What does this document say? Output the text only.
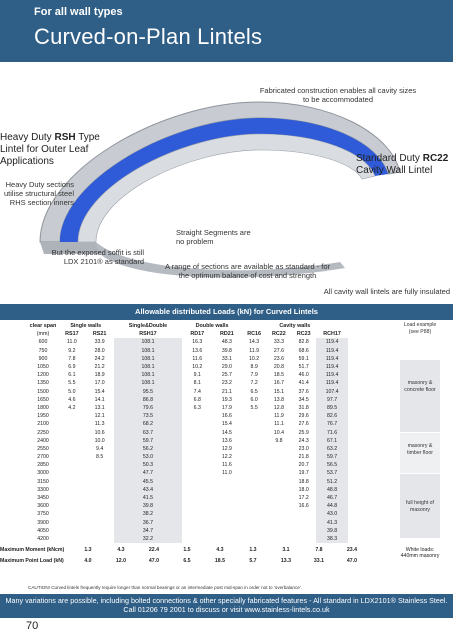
For all wall types
Curved-on-Plan Lintels
Fabricated construction enables all cavity sizes to be accommodated
Heavy Duty RSH Type Lintel for Outer Leaf Applications
Heavy Duty sections utilise structural steel RHS section inners
Standard Duty RC22
Cavity Wall Lintel
Straight Segments are no problem
But the exposed soffit is still LDX 2101® as standard
A range of sections are available as standard - for the optimum balance of cost and strength
All cavity wall lintels are fully insulated
Allowable distributed Loads (kN) for Curved Lintels
clear span	Single walls		Single&Double	Double walls		Cavity walls			
(mm)	RS17	RS21	RSH17	RD17	RD21	RC16	RC22	RC23	RCH17
600	11.0	33.9	108.1	16.3	48.3	14.3	33.3	82.8	119.4
750	9.2	28.0	108.1	13.6	39.8	11.9	27.6	68.6	119.4
900	7.8	24.2	108.1	11.6	33.1	10.2	23.6	59.1	119.4
1050	6.9	21.2	108.1	10.2	29.0	8.9	20.8	51.7	119.4
1200	6.1	18.9	108.1	9.1	25.7	7.9	18.5	46.0	119.4
1350	5.5	17.0	108.1	8.1	23.2	7.2	16.7	41.4	119.4
1500	5.0	15.4	95.5	7.4	21.1	6.5	15.1	37.6	107.4
1650	4.6	14.1	86.8	6.8	19.3	6.0	13.8	34.5	97.7
1800	4.2	13.1	79.6	6.3	17.9	5.5	12.8	31.8	89.5
1950		12.1	73.5		16.6		11.9	29.6	82.6
2100		11.3	68.2		15.4		11.1	27.6	76.7
2250		10.6	63.7		14.5		10.4	25.9	71.6
2400		10.0	59.7		13.6		9.8	24.3	67.1
2550		9.4	56.2		12.9			23.0	63.2
2700		8.5	53.0		12.2			21.8	59.7
2850			50.3		11.6			20.7	56.5
3000			47.7		11.0			19.7	53.7
3150			45.5					18.8	51.2
3300			43.4					18.0	48.8
3450			41.5					17.2	46.7
3600			39.8					16.6	44.8
3750			38.2						43.0
3900			36.7						41.3
4050			34.7						39.8
4200			32.2						38.3
Load example (see P88)
masonry & concrete floor
masonry & timber floor
full height of masonry
Maximum Moment (kNcm)	1.3	4.3	22.4	1.5	4.3	1.3	3.1	7.8	23.4	White loads: 440mm masonry
Maximum Point Load (kN)	4.0	12.0	47.0	6.5	18.5	5.7	13.3	33.1	47.0
CAUTION! Curved lintels frequently require longer than normal bearings or an intermediate post mid-span in order not to 'overbalance'.
Many variations are possible, including bolted connections & other specially fabricated features - All standard in LDX2101® Stainless Steel. Call 01206 79 2001 to discuss or visit www.stainless-lintels.co.uk
70
